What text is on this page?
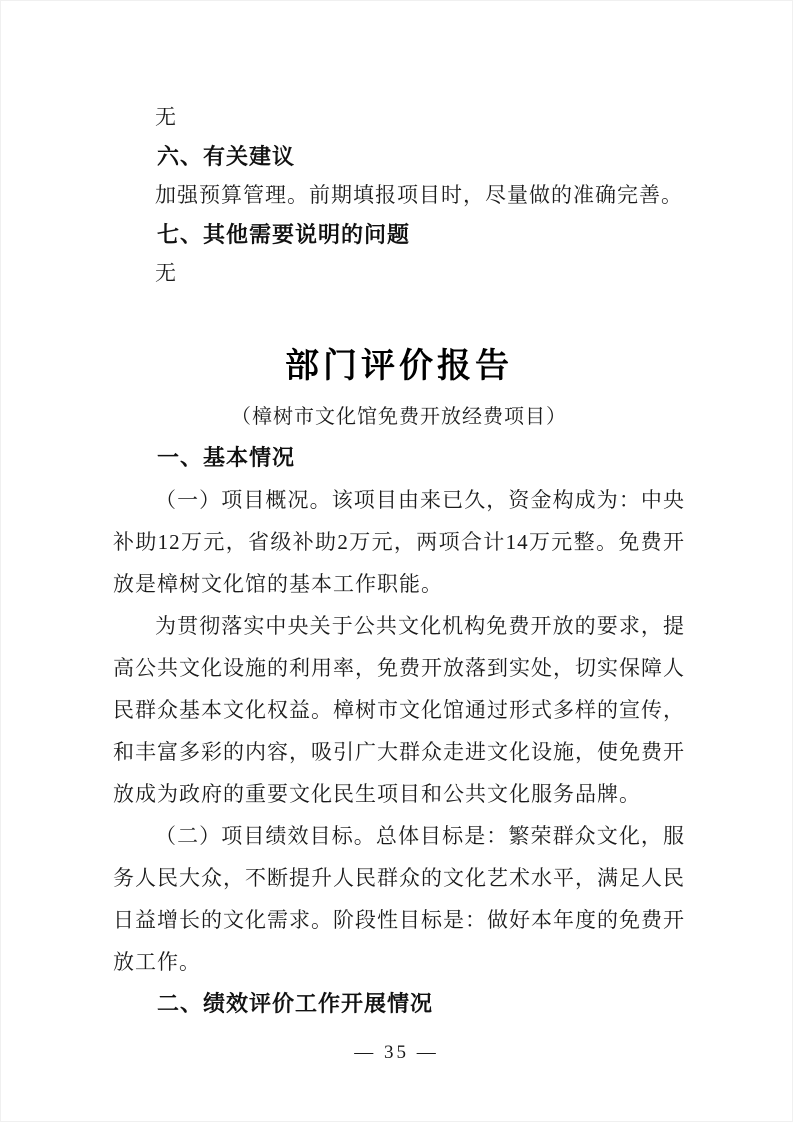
无

六、有关建议

加强预算管理。前期填报项目时，尽量做的准确完善。

七、其他需要说明的问题

无

部门评价报告

（樟树市文化馆免费开放经费项目）

一、基本情况

（一）项目概况。该项目由来已久，资金构成为：中央补助12万元，省级补助2万元，两项合计14万元整。免费开放是樟树文化馆的基本工作职能。

为贯彻落实中央关于公共文化机构免费开放的要求，提高公共文化设施的利用率，免费开放落到实处，切实保障人民群众基本文化权益。樟树市文化馆通过形式多样的宣传，和丰富多彩的内容，吸引广大群众走进文化设施，使免费开放成为政府的重要文化民生项目和公共文化服务品牌。

（二）项目绩效目标。总体目标是：繁荣群众文化，服务人民大众，不断提升人民群众的文化艺术水平，满足人民日益增长的文化需求。阶段性目标是：做好本年度的免费开放工作。

二、绩效评价工作开展情况
— 35 —
